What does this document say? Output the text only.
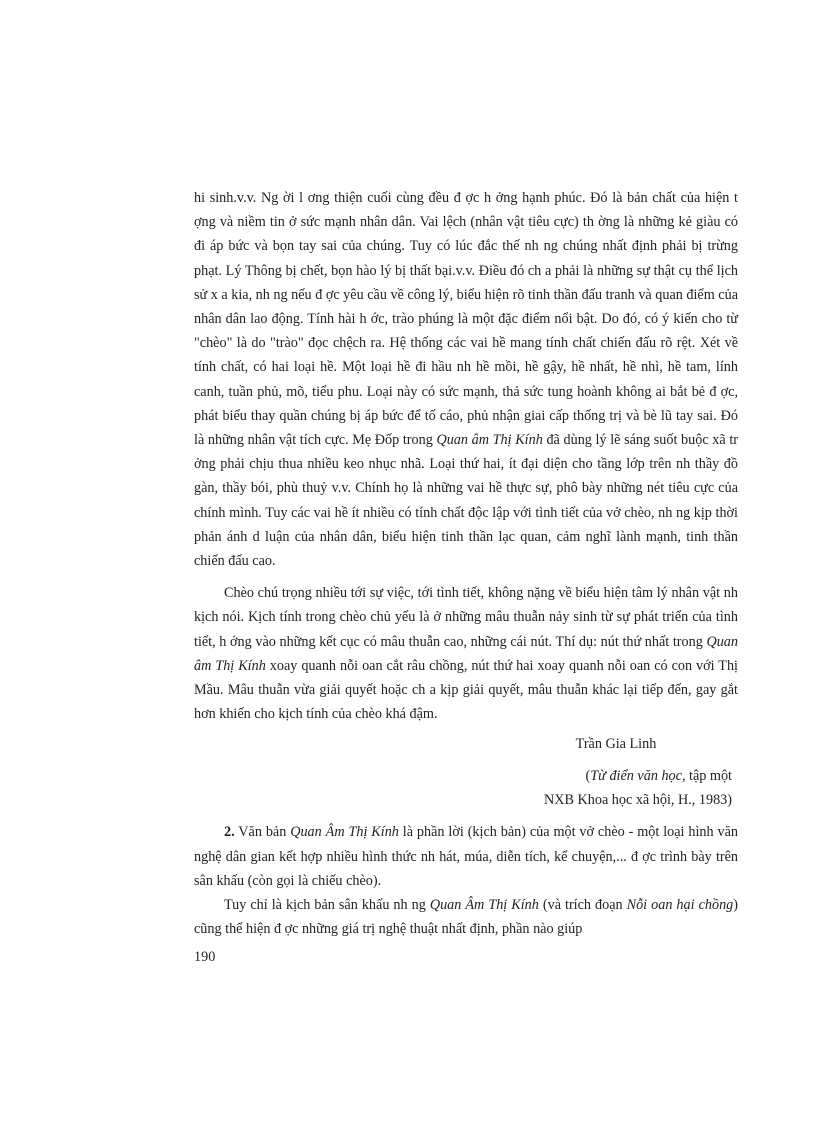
hi sinh.v.v. Ng ời l ơng thiện cuối cùng đều đ ợc h ởng hạnh phúc. Đó là bản chất của hiện t ợng và niềm tin ở sức mạnh nhân dân. Vai lệch (nhân vật tiêu cực) th ờng là những kẻ giàu có đi áp bức và bọn tay sai của chúng. Tuy có lúc đắc thế nh ng chúng nhất định phải bị trừng phạt. Lý Thông bị chết, bọn hào lý bị thất bại.v.v. Điều đó ch a phải là những sự thật cụ thể lịch sử x a kia, nh ng nếu đ ợc yêu cầu về công lý, biểu hiện rõ tinh thần đấu tranh và quan điểm của nhân dân lao động. Tính hài h ớc, trào phúng là một đặc điểm nổi bật. Do đó, có ý kiến cho từ "chèo" là do "trào" đọc chệch ra. Hệ thống các vai hề mang tính chất chiến đấu rõ rệt. Xét về tính chất, có hai loại hề. Một loại hề đi hầu nh hề mồi, hề gậy, hề nhất, hề nhì, hề tam, lính canh, tuần phủ, mõ, tiểu phu. Loại này có sức mạnh, thả sức tung hoành không ai bắt bẻ đ ợc, phát biểu thay quần chúng bị áp bức để tố cáo, phủ nhận giai cấp thống trị và bè lũ tay sai. Đó là những nhân vật tích cực. Mẹ Đốp trong Quan âm Thị Kính đã dùng lý lẽ sáng suốt buộc xã tr ởng phải chịu thua nhiều keo nhục nhã. Loại thứ hai, ít đại diện cho tầng lớp trên nh thầy đồ gàn, thầy bói, phù thuỷ v.v. Chính họ là những vai hề thực sự, phô bày những nét tiêu cực của chính mình. Tuy các vai hề ít nhiều có tính chất độc lập với tình tiết của vở chèo, nh ng kịp thời phản ánh d luận của nhân dân, biểu hiện tinh thần lạc quan, cảm nghĩ lành mạnh, tinh thần chiến đấu cao.

Chèo chú trọng nhiều tới sự việc, tới tình tiết, không nặng về biểu hiện tâm lý nhân vật nh kịch nói. Kịch tính trong chèo chủ yếu là ở những mâu thuẫn nảy sinh từ sự phát triển của tình tiết, h ớng vào những kết cục có mâu thuẫn cao, những cái nút. Thí dụ: nút thứ nhất trong Quan âm Thị Kính xoay quanh nỗi oan cắt râu chồng, nút thứ hai xoay quanh nỗi oan có con với Thị Mầu. Mâu thuẫn vừa giải quyết hoặc ch a kịp giải quyết, mâu thuẫn khác lại tiếp đến, gay gắt hơn khiến cho kịch tính của chèo khá đậm.

Trần Gia Linh
(Từ điển văn học, tập một
NXB Khoa học xã hội, H., 1983)

2. Văn bản Quan Âm Thị Kính là phần lời (kịch bản) của một vở chèo - một loại hình văn nghệ dân gian kết hợp nhiều hình thức nh hát, múa, diễn tích, kể chuyện,... đ ợc trình bày trên sân khấu (còn gọi là chiếu chèo).

Tuy chỉ là kịch bản sân khấu nh ng Quan Âm Thị Kính (và trích đoạn Nỗi oan hại chồng) cũng thể hiện đ ợc những giá trị nghệ thuật nhất định, phần nào giúp

190
